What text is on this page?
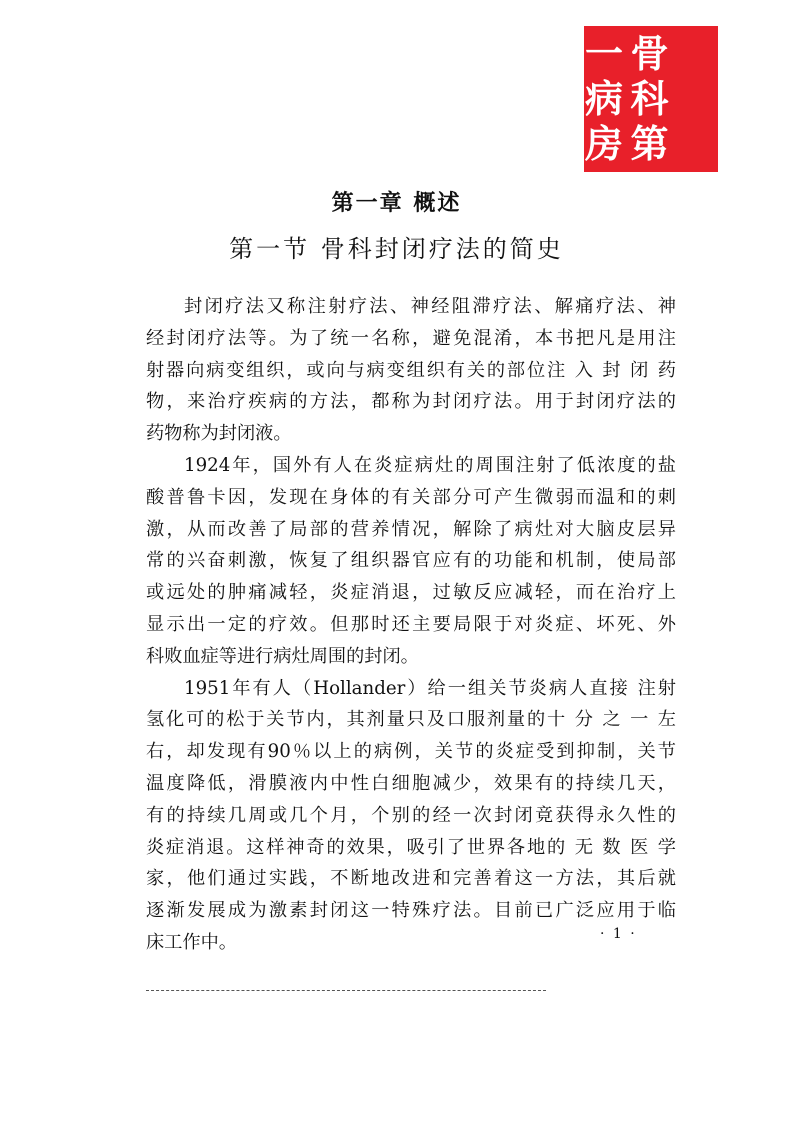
一
病
房
骨
科
第
第一章 概述
第一节 骨科封闭疗法的简史

封闭疗法又称注射疗法、神经阻滞疗法、解痛疗法、神
经封闭疗法等。为了统一名称，避免混淆，本书把凡是用注
射器向病变组织，或向与病变组织有关的部位注 入 封 闭 药
物，来治疗疾病的方法，都称为封闭疗法。用于封闭疗法的
药物称为封闭液。

1924年，国外有人在炎症病灶的周围注射了低浓度的盐
酸普鲁卡因，发现在身体的有关部分可产生微弱而温和的刺
激，从而改善了局部的营养情况，解除了病灶对大脑皮层异
常的兴奋刺激，恢复了组织器官应有的功能和机制，使局部
或远处的肿痛减轻，炎症消退，过敏反应减轻，而在治疗上
显示出一定的疗效。但那时还主要局限于对炎症、坏死、外
科败血症等进行病灶周围的封闭。

1951年有人（Hollander）给一组关节炎病人直接 注射
氢化可的松于关节内，其剂量只及口服剂量的十 分 之 一 左
右，却发现有90％以上的病例，关节的炎症受到抑制，关节
温度降低，滑膜液内中性白细胞减少，效果有的持续几天，
有的持续几周或几个月，个别的经一次封闭竟获得永久性的
炎症消退。这样神奇的效果，吸引了世界各地的 无 数 医 学
家，他们通过实践，不断地改进和完善着这一方法，其后就
逐渐发展成为激素封闭这一特殊疗法。目前已广泛应用于临
床工作中。	· 1 ·
